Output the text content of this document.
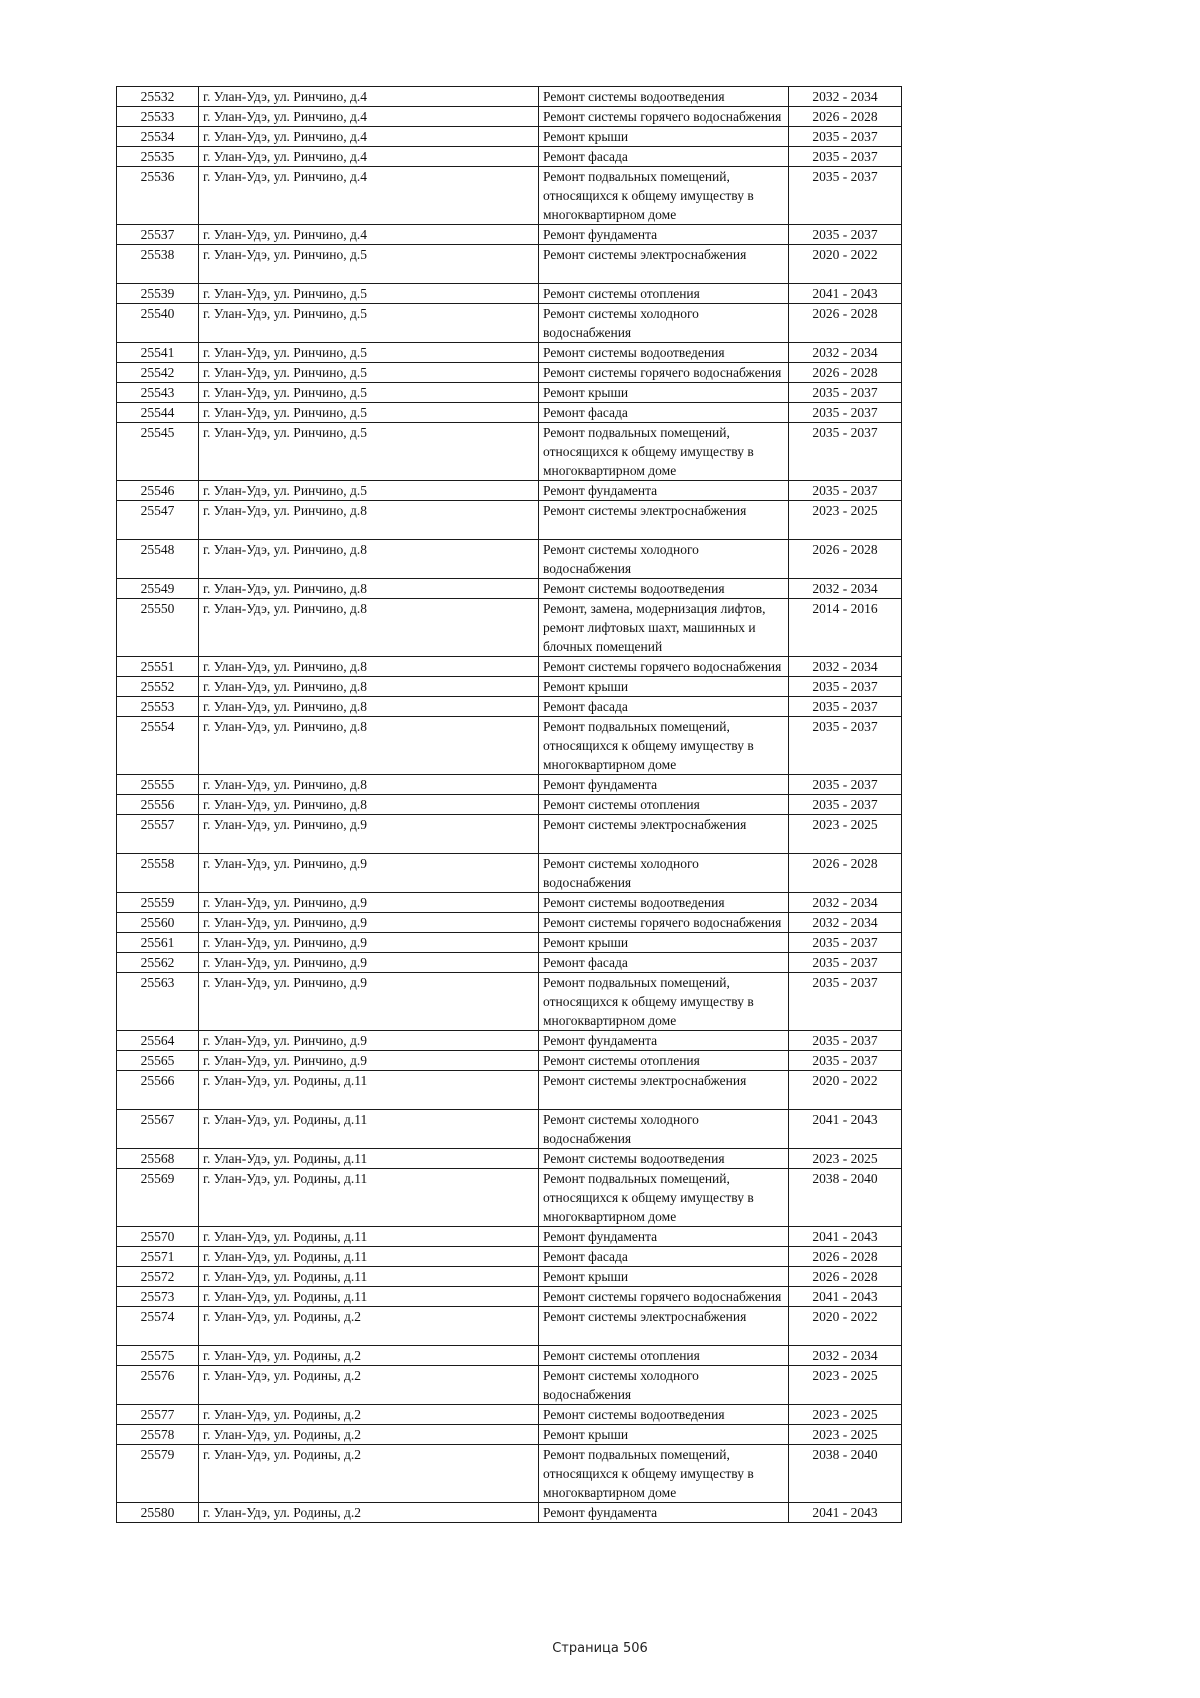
25532	г. Улан-Удэ, ул. Ринчино, д.4	Ремонт системы водоотведения	2032 - 2034
25533	г. Улан-Удэ, ул. Ринчино, д.4	Ремонт системы горячего водоснабжения	2026 - 2028
25534	г. Улан-Удэ, ул. Ринчино, д.4	Ремонт крыши	2035 - 2037
25535	г. Улан-Удэ, ул. Ринчино, д.4	Ремонт фасада	2035 - 2037
25536	г. Улан-Удэ, ул. Ринчино, д.4	Ремонт подвальных помещений, относящихся к общему имуществу в многоквартирном доме	2035 - 2037
25537	г. Улан-Удэ, ул. Ринчино, д.4	Ремонт фундамента	2035 - 2037
25538	г. Улан-Удэ, ул. Ринчино, д.5	Ремонт системы электроснабжения	2020 - 2022
25539	г. Улан-Удэ, ул. Ринчино, д.5	Ремонт системы отопления	2041 - 2043
25540	г. Улан-Удэ, ул. Ринчино, д.5	Ремонт системы холодного водоснабжения	2026 - 2028
25541	г. Улан-Удэ, ул. Ринчино, д.5	Ремонт системы водоотведения	2032 - 2034
25542	г. Улан-Удэ, ул. Ринчино, д.5	Ремонт системы горячего водоснабжения	2026 - 2028
25543	г. Улан-Удэ, ул. Ринчино, д.5	Ремонт крыши	2035 - 2037
25544	г. Улан-Удэ, ул. Ринчино, д.5	Ремонт фасада	2035 - 2037
25545	г. Улан-Удэ, ул. Ринчино, д.5	Ремонт подвальных помещений, относящихся к общему имуществу в многоквартирном доме	2035 - 2037
25546	г. Улан-Удэ, ул. Ринчино, д.5	Ремонт фундамента	2035 - 2037
25547	г. Улан-Удэ, ул. Ринчино, д.8	Ремонт системы электроснабжения	2023 - 2025
25548	г. Улан-Удэ, ул. Ринчино, д.8	Ремонт системы холодного водоснабжения	2026 - 2028
25549	г. Улан-Удэ, ул. Ринчино, д.8	Ремонт системы водоотведения	2032 - 2034
25550	г. Улан-Удэ, ул. Ринчино, д.8	Ремонт, замена, модернизация лифтов, ремонт лифтовых шахт, машинных и блочных помещений	2014 - 2016
25551	г. Улан-Удэ, ул. Ринчино, д.8	Ремонт системы горячего водоснабжения	2032 - 2034
25552	г. Улан-Удэ, ул. Ринчино, д.8	Ремонт крыши	2035 - 2037
25553	г. Улан-Удэ, ул. Ринчино, д.8	Ремонт фасада	2035 - 2037
25554	г. Улан-Удэ, ул. Ринчино, д.8	Ремонт подвальных помещений, относящихся к общему имуществу в многоквартирном доме	2035 - 2037
25555	г. Улан-Удэ, ул. Ринчино, д.8	Ремонт фундамента	2035 - 2037
25556	г. Улан-Удэ, ул. Ринчино, д.8	Ремонт системы отопления	2035 - 2037
25557	г. Улан-Удэ, ул. Ринчино, д.9	Ремонт системы электроснабжения	2023 - 2025
25558	г. Улан-Удэ, ул. Ринчино, д.9	Ремонт системы холодного водоснабжения	2026 - 2028
25559	г. Улан-Удэ, ул. Ринчино, д.9	Ремонт системы водоотведения	2032 - 2034
25560	г. Улан-Удэ, ул. Ринчино, д.9	Ремонт системы горячего водоснабжения	2032 - 2034
25561	г. Улан-Удэ, ул. Ринчино, д.9	Ремонт крыши	2035 - 2037
25562	г. Улан-Удэ, ул. Ринчино, д.9	Ремонт фасада	2035 - 2037
25563	г. Улан-Удэ, ул. Ринчино, д.9	Ремонт подвальных помещений, относящихся к общему имуществу в многоквартирном доме	2035 - 2037
25564	г. Улан-Удэ, ул. Ринчино, д.9	Ремонт фундамента	2035 - 2037
25565	г. Улан-Удэ, ул. Ринчино, д.9	Ремонт системы отопления	2035 - 2037
25566	г. Улан-Удэ, ул. Родины, д.11	Ремонт системы электроснабжения	2020 - 2022
25567	г. Улан-Удэ, ул. Родины, д.11	Ремонт системы холодного водоснабжения	2041 - 2043
25568	г. Улан-Удэ, ул. Родины, д.11	Ремонт системы водоотведения	2023 - 2025
25569	г. Улан-Удэ, ул. Родины, д.11	Ремонт подвальных помещений, относящихся к общему имуществу в многоквартирном доме	2038 - 2040
25570	г. Улан-Удэ, ул. Родины, д.11	Ремонт фундамента	2041 - 2043
25571	г. Улан-Удэ, ул. Родины, д.11	Ремонт фасада	2026 - 2028
25572	г. Улан-Удэ, ул. Родины, д.11	Ремонт крыши	2026 - 2028
25573	г. Улан-Удэ, ул. Родины, д.11	Ремонт системы горячего водоснабжения	2041 - 2043
25574	г. Улан-Удэ, ул. Родины, д.2	Ремонт системы электроснабжения	2020 - 2022
25575	г. Улан-Удэ, ул. Родины, д.2	Ремонт системы отопления	2032 - 2034
25576	г. Улан-Удэ, ул. Родины, д.2	Ремонт системы холодного водоснабжения	2023 - 2025
25577	г. Улан-Удэ, ул. Родины, д.2	Ремонт системы водоотведения	2023 - 2025
25578	г. Улан-Удэ, ул. Родины, д.2	Ремонт крыши	2023 - 2025
25579	г. Улан-Удэ, ул. Родины, д.2	Ремонт подвальных помещений, относящихся к общему имуществу в многоквартирном доме	2038 - 2040
25580	г. Улан-Удэ, ул. Родины, д.2	Ремонт фундамента	2041 - 2043
Страница 506
